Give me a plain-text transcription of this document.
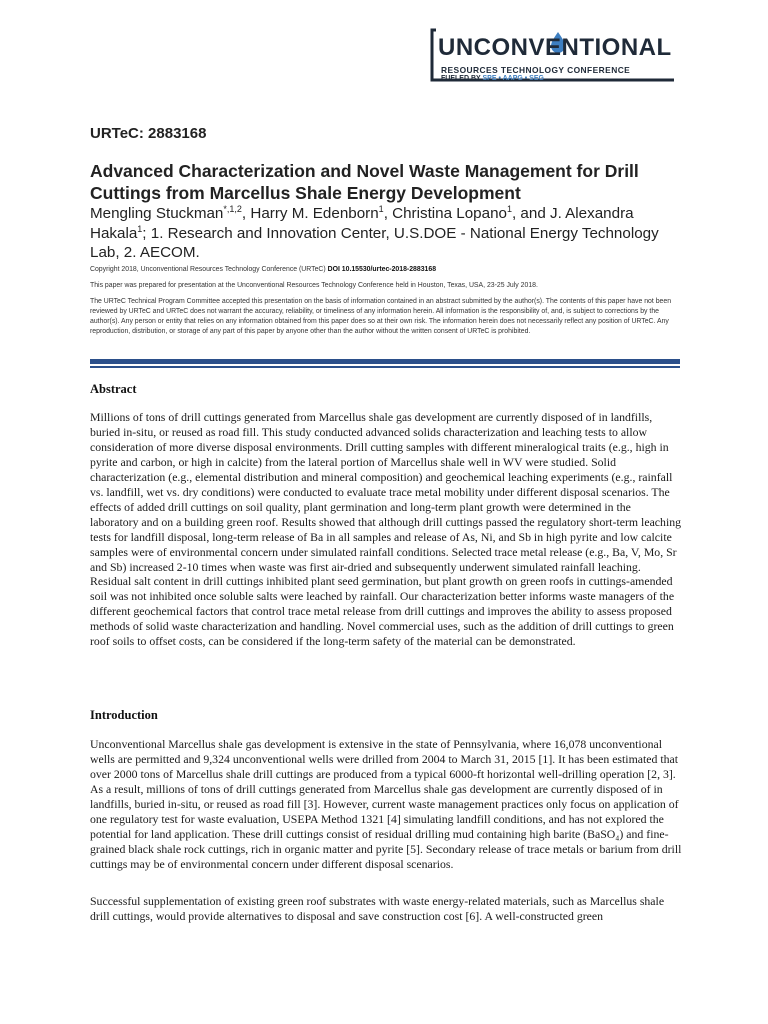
UNCONVENTIONAL
RESOURCES TECHNOLOGY CONFERENCE
FUELED BY SPE • AAPG • SEG
URTeC: 2883168
Advanced Characterization and Novel Waste Management for Drill Cuttings from Marcellus Shale Energy Development
Mengling Stuckman$^{*,1,2}$, Harry M. Edenborn$^1$, Christina Lopano$^1$, and J. Alexandra Hakala$^1$; 1. Research and Innovation Center, U.S.DOE - National Energy Technology Lab, 2. AECOM.
Copyright 2018, Unconventional Resources Technology Conference (URTeC) DOI 10.15530/urtec-2018-2883168
This paper was prepared for presentation at the Unconventional Resources Technology Conference held in Houston, Texas, USA, 23-25 July 2018.
The URTeC Technical Program Committee accepted this presentation on the basis of information contained in an abstract submitted by the author(s). The contents of this paper have not been reviewed by URTeC and URTeC does not warrant the accuracy, reliability, or timeliness of any information herein. All information is the responsibility of, and, is subject to corrections by the author(s). Any person or entity that relies on any information obtained from this paper does so at their own risk. The information herein does not necessarily reflect any position of URTeC. Any reproduction, distribution, or storage of any part of this paper by anyone other than the author without the written consent of URTeC is prohibited.
Abstract

Millions of tons of drill cuttings generated from Marcellus shale gas development are currently disposed of in landfills, buried in-situ, or reused as road fill. This study conducted advanced solids characterization and leaching tests to allow consideration of more diverse disposal environments. Drill cutting samples with different mineralogical traits (e.g., high in pyrite and carbon, or high in calcite) from the lateral portion of Marcellus shale well in WV were studied. Solid characterization (e.g., elemental distribution and mineral composition) and geochemical leaching experiments (e.g., rainfall vs. landfill, wet vs. dry conditions) were conducted to evaluate trace metal mobility under different disposal scenarios. The effects of added drill cuttings on soil quality, plant germination and long-term plant growth were determined in the laboratory and on a building green roof. Results showed that although drill cuttings passed the regulatory short-term leaching tests for landfill disposal, long-term release of Ba in all samples and release of As, Ni, and Sb in high pyrite and low calcite samples were of environmental concern under simulated rainfall conditions. Selected trace metal release (e.g., Ba, V, Mo, Sr and Sb) increased 2-10 times when waste was first air-dried and subsequently underwent simulated rainfall leaching. Residual salt content in drill cuttings inhibited plant seed germination, but plant growth on green roofs in cuttings-amended soil was not inhibited once soluble salts were leached by rainfall. Our characterization better informs waste managers of the different geochemical factors that control trace metal release from drill cuttings and improves the ability to assess proposed methods of solid waste characterization and handling. Novel commercial uses, such as the addition of drill cuttings to green roof soils to offset costs, can be considered if the long-term safety of the material can be demonstrated.

Introduction

Unconventional Marcellus shale gas development is extensive in the state of Pennsylvania, where 16,078 unconventional wells are permitted and 9,324 unconventional wells were drilled from 2004 to March 31, 2015 [1]. It has been estimated that over 2000 tons of Marcellus shale drill cuttings are produced from a typical 6000-ft horizontal well-drilling operation [2, 3]. As a result, millions of tons of drill cuttings generated from Marcellus shale gas development are currently disposed of in landfills, buried in-situ, or reused as road fill [3]. However, current waste management practices only focus on application of one regulatory test for waste evaluation, USEPA Method 1321 [4] simulating landfill conditions, and has not explored the potential for land application. These drill cuttings consist of residual drilling mud containing high barite (BaSO₄) and fine-grained black shale rock cuttings, rich in organic matter and pyrite [5]. Secondary release of trace metals or barium from drill cuttings may be of environmental concern under different disposal scenarios.

Successful supplementation of existing green roof substrates with waste energy-related materials, such as Marcellus shale drill cuttings, would provide alternatives to disposal and save construction cost [6]. A well-constructed green
